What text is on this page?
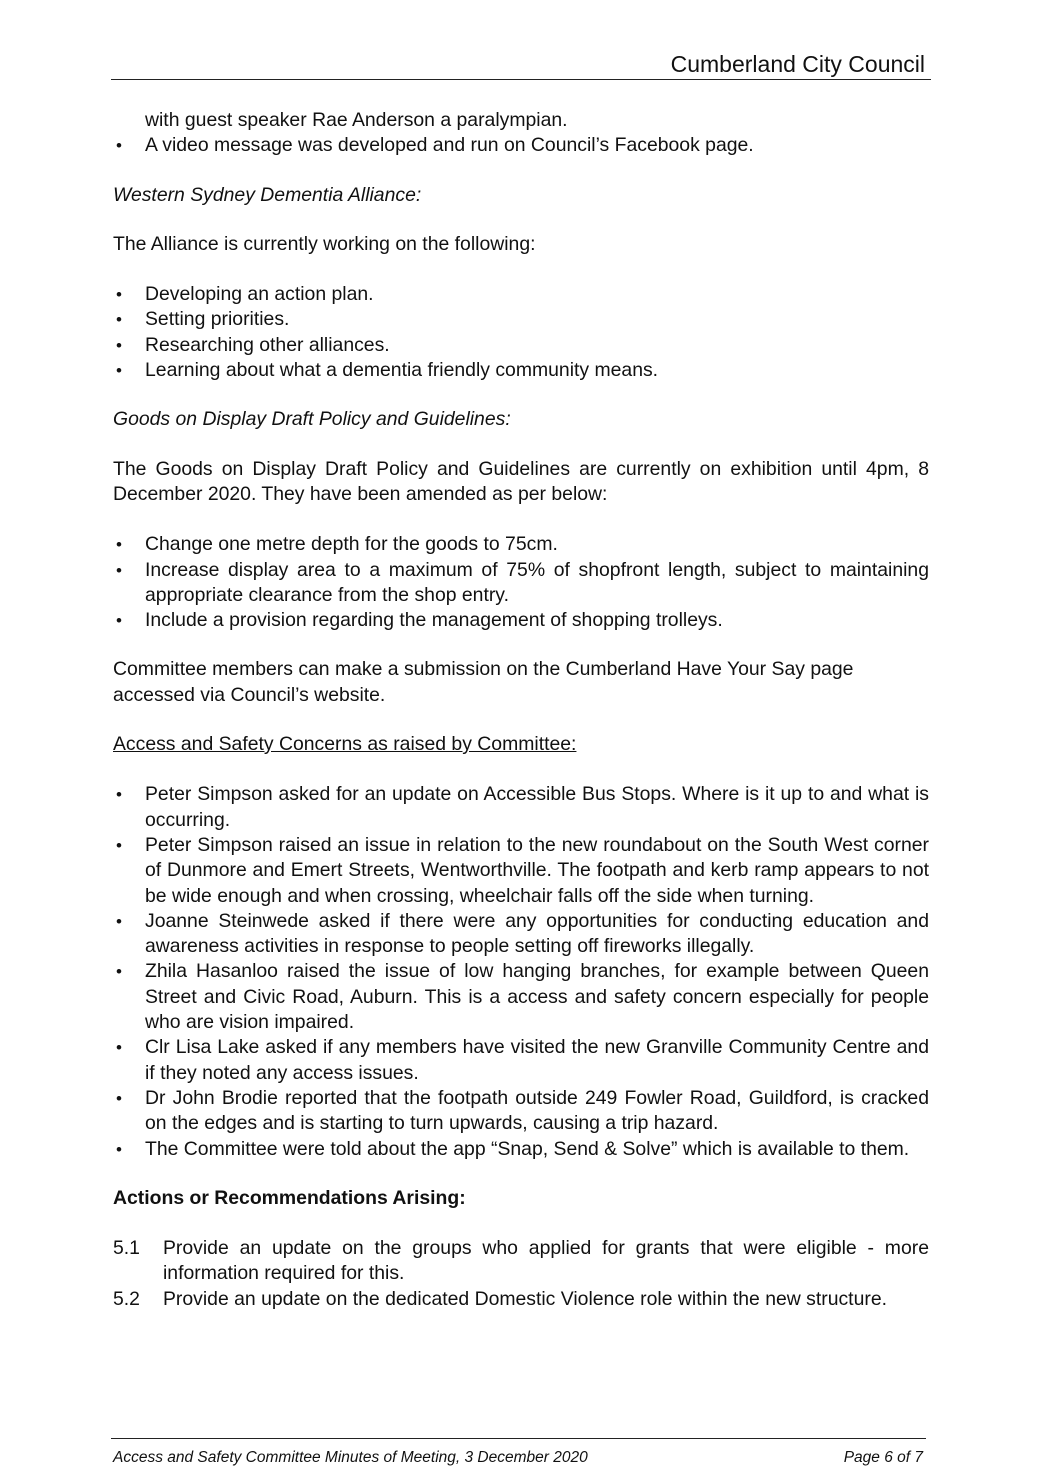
Cumberland City Council

with guest speaker Rae Anderson a paralympian.

• A video message was developed and run on Council’s Facebook page.

Western Sydney Dementia Alliance:

The Alliance is currently working on the following:

• Developing an action plan.
• Setting priorities.
• Researching other alliances.
• Learning about what a dementia friendly community means.

Goods on Display Draft Policy and Guidelines:

The Goods on Display Draft Policy and Guidelines are currently on exhibition until 4pm, 8 December 2020. They have been amended as per below:

• Change one metre depth for the goods to 75cm.
• Increase display area to a maximum of 75% of shopfront length, subject to maintaining appropriate clearance from the shop entry.
• Include a provision regarding the management of shopping trolleys.

Committee members can make a submission on the Cumberland Have Your Say page accessed via Council’s website.

Access and Safety Concerns as raised by Committee:

• Peter Simpson asked for an update on Accessible Bus Stops. Where is it up to and what is occurring.
• Peter Simpson raised an issue in relation to the new roundabout on the South West corner of Dunmore and Emert Streets, Wentworthville. The footpath and kerb ramp appears to not be wide enough and when crossing, wheelchair falls off the side when turning.
• Joanne Steinwede asked if there were any opportunities for conducting education and awareness activities in response to people setting off fireworks illegally.
• Zhila Hasanloo raised the issue of low hanging branches, for example between Queen Street and Civic Road, Auburn. This is a access and safety concern especially for people who are vision impaired.
• Clr Lisa Lake asked if any members have visited the new Granville Community Centre and if they noted any access issues.
• Dr John Brodie reported that the footpath outside 249 Fowler Road, Guildford, is cracked on the edges and is starting to turn upwards, causing a trip hazard.
• The Committee were told about the app “Snap, Send & Solve” which is available to them.

Actions or Recommendations Arising:

5.1 Provide an update on the groups who applied for grants that were eligible - more information required for this.
5.2 Provide an update on the dedicated Domestic Violence role within the new structure.
Access and Safety Committee Minutes of Meeting, 3 December 2020	Page 6 of 7
